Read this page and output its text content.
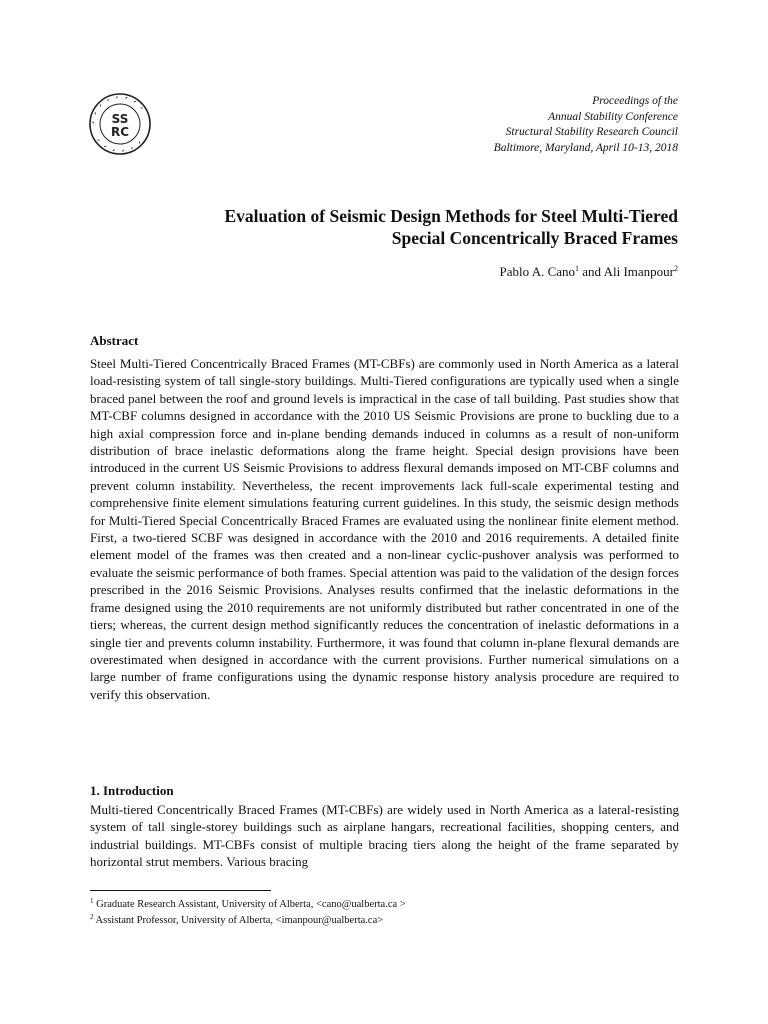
SS
RC
Proceedings of the
Annual Stability Conference
Structural Stability Research Council
Baltimore, Maryland, April 10-13, 2018
Evaluation of Seismic Design Methods for Steel Multi-Tiered Special Concentrically Braced Frames
Pablo A. Cano$^1$ and Ali Imanpour$^2$
Abstract

Steel Multi-Tiered Concentrically Braced Frames (MT-CBFs) are commonly used in North America as a lateral load-resisting system of tall single-story buildings. Multi-Tiered configurations are typically used when a single braced panel between the roof and ground levels is impractical in the case of tall building. Past studies show that MT-CBF columns designed in accordance with the 2010 US Seismic Provisions are prone to buckling due to a high axial compression force and in-plane bending demands induced in columns as a result of non-uniform distribution of brace inelastic deformations along the frame height. Special design provisions have been introduced in the current US Seismic Provisions to address flexural demands imposed on MT-CBF columns and prevent column instability. Nevertheless, the recent improvements lack full-scale experimental testing and comprehensive finite element simulations featuring current guidelines. In this study, the seismic design methods for Multi-Tiered Special Concentrically Braced Frames are evaluated using the nonlinear finite element method. First, a two-tiered SCBF was designed in accordance with the 2010 and 2016 requirements. A detailed finite element model of the frames was then created and a non-linear cyclic-pushover analysis was performed to evaluate the seismic performance of both frames. Special attention was paid to the validation of the design forces prescribed in the 2016 Seismic Provisions. Analyses results confirmed that the inelastic deformations in the frame designed using the 2010 requirements are not uniformly distributed but rather concentrated in one of the tiers; whereas, the current design method significantly reduces the concentration of inelastic deformations in a single tier and prevents column instability. Furthermore, it was found that column in-plane flexural demands are overestimated when designed in accordance with the current provisions. Further numerical simulations on a large number of frame configurations using the dynamic response history analysis procedure are required to verify this observation.

1. Introduction

Multi-tiered Concentrically Braced Frames (MT-CBFs) are widely used in North America as a lateral-resisting system of tall single-storey buildings such as airplane hangars, recreational facilities, shopping centers, and industrial buildings. MT-CBFs consist of multiple bracing tiers along the height of the frame separated by horizontal strut members. Various bracing

$^1$ Graduate Research Assistant, University of Alberta, <cano@ualberta.ca >
$^2$ Assistant Professor, University of Alberta, <imanpour@ualberta.ca>
